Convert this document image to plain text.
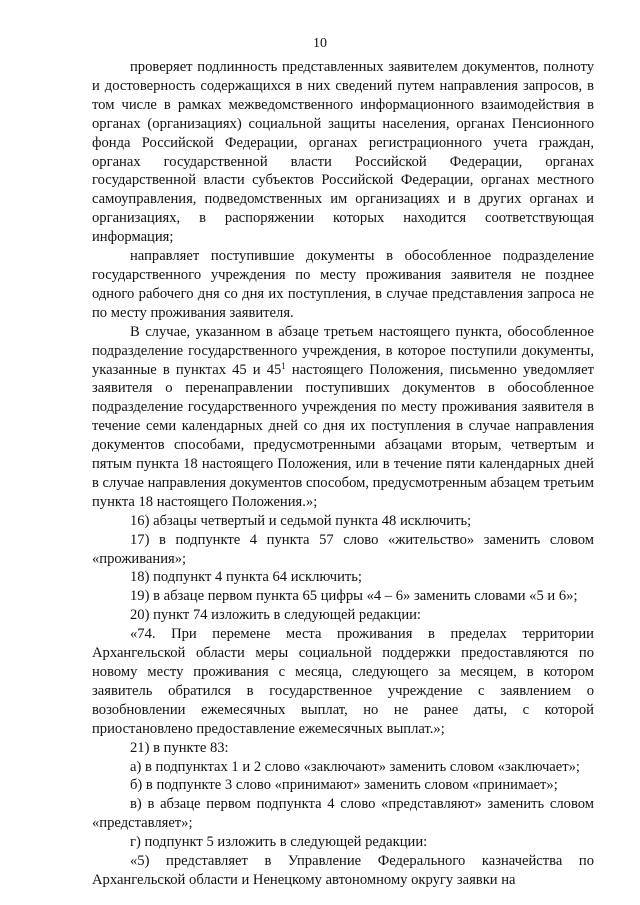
10

проверяет подлинность представленных заявителем документов, полноту и достоверность содержащихся в них сведений путем направления запросов, в том числе в рамках межведомственного информационного взаимодействия в органах (организациях) социальной защиты населения, органах Пенсионного фонда Российской Федерации, органах регистрационного учета граждан, органах государственной власти Российской Федерации, органах государственной власти субъектов Российской Федерации, органах местного самоуправления, подведомственных им организациях и в других органах и организациях, в распоряжении которых находится соответствующая информация;

направляет поступившие документы в обособленное подразделение государственного учреждения по месту проживания заявителя не позднее одного рабочего дня со дня их поступления, в случае представления запроса не по месту проживания заявителя.

В случае, указанном в абзаце третьем настоящего пункта, обособленное подразделение государственного учреждения, в которое поступили документы, указанные в пунктах 45 и $45^1$ настоящего Положения, письменно уведомляет заявителя о перенаправлении поступивших документов в обособленное подразделение государственного учреждения по месту проживания заявителя в течение семи календарных дней со дня их поступления в случае направления документов способами, предусмотренными абзацами вторым, четвертым и пятым пункта 18 настоящего Положения, или в течение пяти календарных дней в случае направления документов способом, предусмотренным абзацем третьим пункта 18 настоящего Положения.»;

16) абзацы четвертый и седьмой пункта 48 исключить;

17) в подпункте 4 пункта 57 слово «жительство» заменить словом «проживания»;

18) подпункт 4 пункта 64 исключить;

19) в абзаце первом пункта 65 цифры «4 – 6» заменить словами «5 и 6»;

20) пункт 74 изложить в следующей редакции:

«74. При перемене места проживания в пределах территории Архангельской области меры социальной поддержки предоставляются по новому месту проживания с месяца, следующего за месяцем, в котором заявитель обратился в государственное учреждение с заявлением о возобновлении ежемесячных выплат, но не ранее даты, с которой приостановлено предоставление ежемесячных выплат.»;

21) в пункте 83:

а) в подпунктах 1 и 2 слово «заключают» заменить словом «заключает»;

б) в подпункте 3 слово «принимают» заменить словом «принимает»;

в) в абзаце первом подпункта 4 слово «представляют» заменить словом «представляет»;

г) подпункт 5 изложить в следующей редакции:

«5) представляет в Управление Федерального казначейства по Архангельской области и Ненецкому автономному округу заявки на
